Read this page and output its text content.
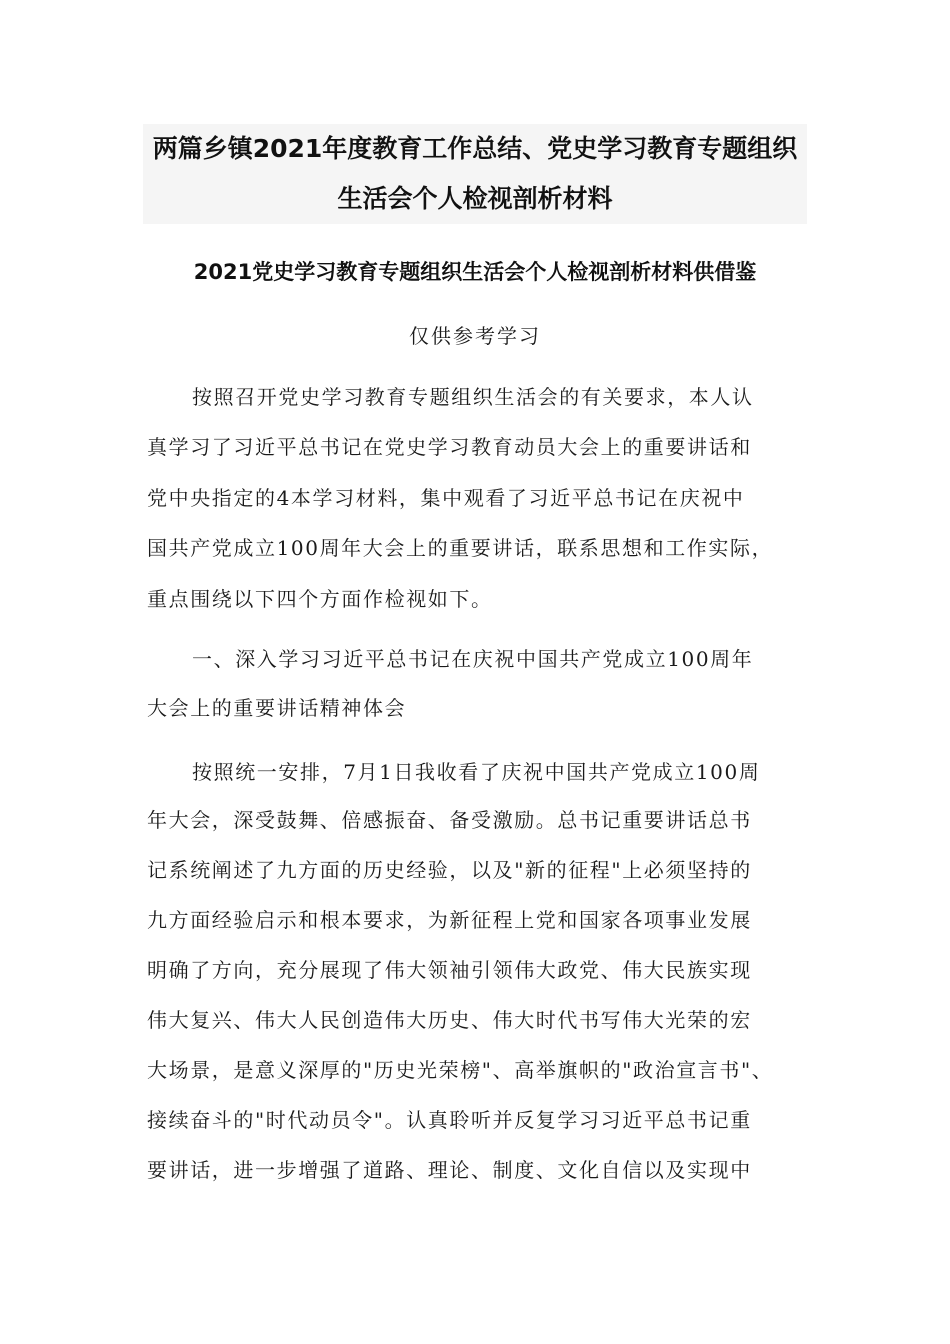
两篇乡镇2021年度教育工作总结、党史学习教育专题组织
生活会个人检视剖析材料
2021党史学习教育专题组织生活会个人检视剖析材料供借鉴
仅供参考学习
按照召开党史学习教育专题组织生活会的有关要求，本人认
真学习了习近平总书记在党史学习教育动员大会上的重要讲话和
党中央指定的4本学习材料，集中观看了习近平总书记在庆祝中
国共产党成立100周年大会上的重要讲话，联系思想和工作实际，
重点围绕以下四个方面作检视如下。
一、深入学习习近平总书记在庆祝中国共产党成立100周年
大会上的重要讲话精神体会
按照统一安排，7月1日我收看了庆祝中国共产党成立100周
年大会，深受鼓舞、倍感振奋、备受激励。总书记重要讲话总书
记系统阐述了九方面的历史经验，以及"新的征程"上必须坚持的
九方面经验启示和根本要求，为新征程上党和国家各项事业发展
明确了方向，充分展现了伟大领袖引领伟大政党、伟大民族实现
伟大复兴、伟大人民创造伟大历史、伟大时代书写伟大光荣的宏
大场景，是意义深厚的"历史光荣榜"、高举旗帜的"政治宣言书"、
接续奋斗的"时代动员令"。认真聆听并反复学习习近平总书记重
要讲话，进一步增强了道路、理论、制度、文化自信以及实现中
